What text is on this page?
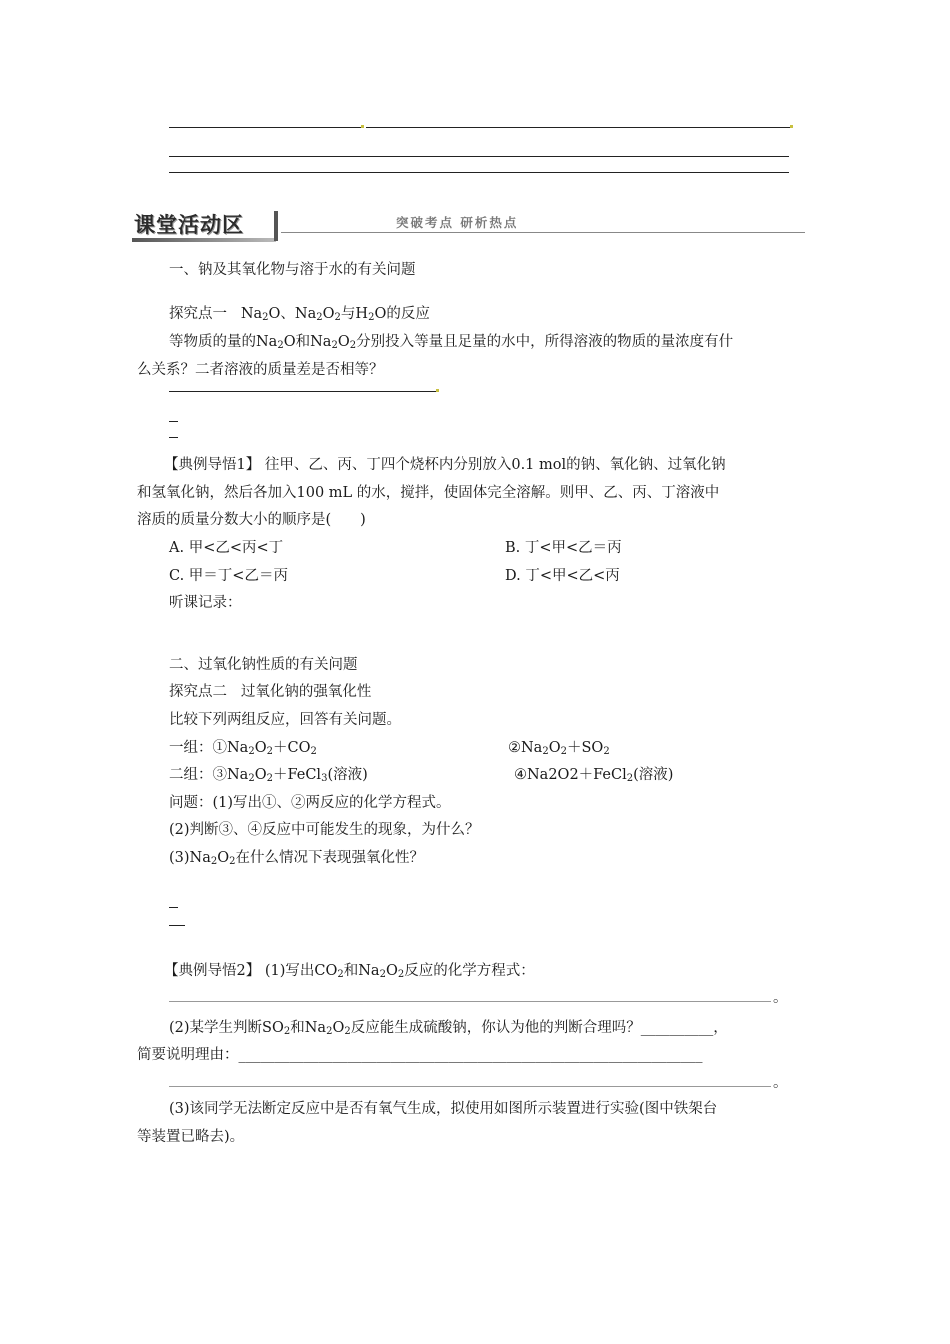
课堂活动区	突破考点 研析热点
一、钠及其氧化物与溶于水的有关问题
探究点一 $Na_2O$、$Na_2O_2$与$H_2O$的反应
等物质的量的$Na_2O$和$Na_2O_2$分别投入等量且足量的水中，所得溶液的物质的量浓度有什
么关系？二者溶液的质量差是否相等？
【典例导悟1】 往甲、乙、丙、丁四个烧杯内分别放入0.1 mol的钠、氧化钠、过氧化钠
和氢氧化钠，然后各加入100 mL 的水，搅拌，使固体完全溶解。则甲、乙、丙、丁溶液中
溶质的质量分数大小的顺序是(　　)
A. 甲<乙<丙<丁	B. 丁<甲<乙＝丙
C. 甲＝丁<乙＝丙	D. 丁<甲<乙<丙
听课记录：
二、过氧化钠性质的有关问题
探究点二 过氧化钠的强氧化性
比较下列两组反应，回答有关问题。
一组：$①Na_2O_2+CO_2$	$②Na_2O_2+SO_2$
二组：$③Na_2O_2+FeCl_3$(溶液)	④Na2O2＋FeCl$_2$(溶液)
问题：(1)写出①、②两反应的化学方程式。
(2)判断③、④反应中可能发生的现象，为什么？
$(3)Na_2O_2$在什么情况下表现强氧化性？
【典例导悟2】 (1)写出$CO_2$和$Na_2O_2$反应的化学方程式：
。
(2)某学生判断$SO_2$和$Na_2O_2$反应能生成硫酸钠，你认为他的判断合理吗？__________，
简要说明理由：________________________________________________________________
。
(3)该同学无法断定反应中是否有氧气生成，拟使用如图所示装置进行实验(图中铁架台
等装置已略去)。
